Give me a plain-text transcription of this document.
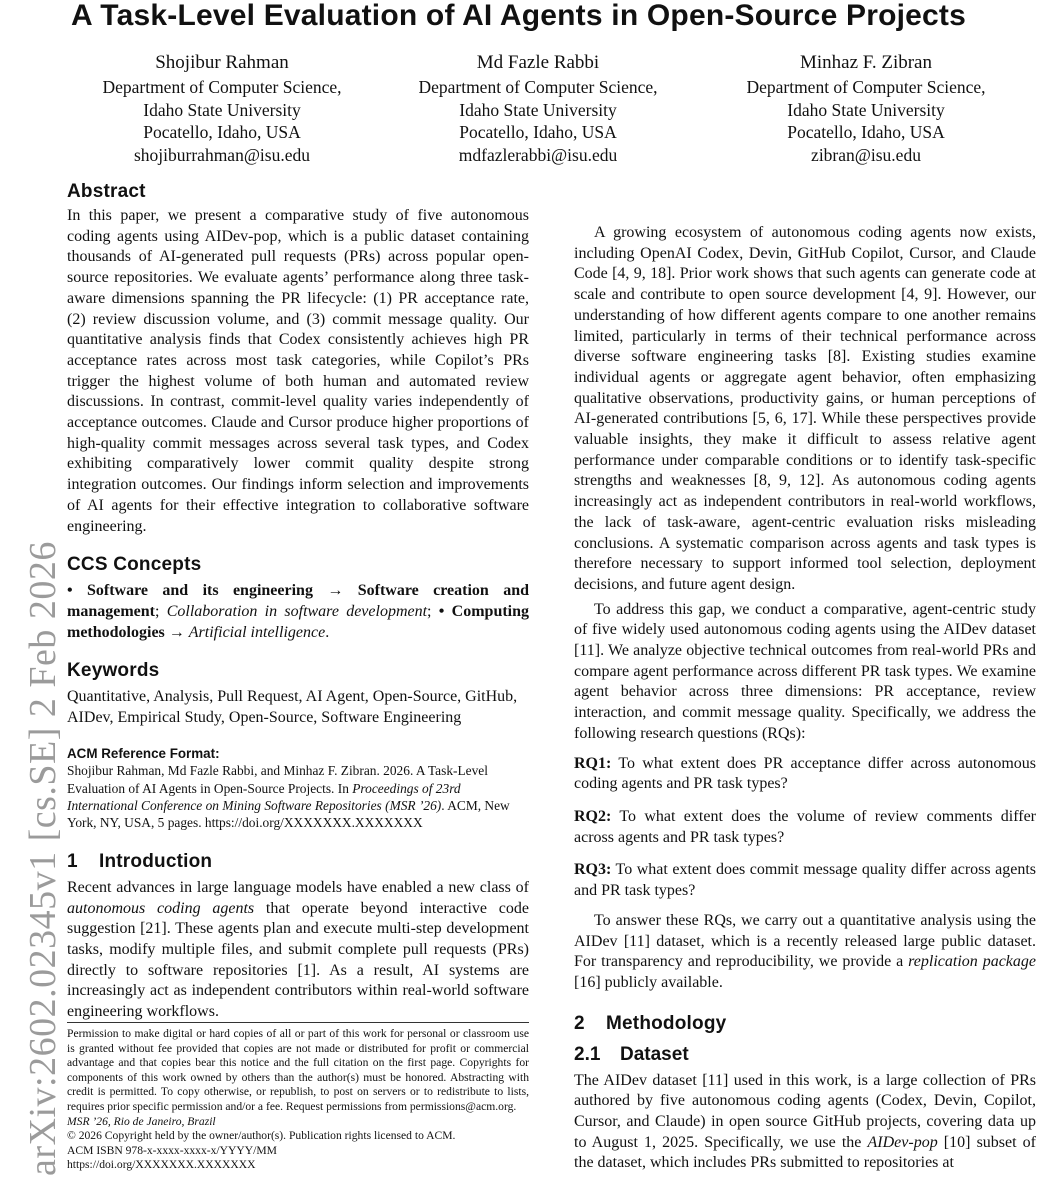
A Task-Level Evaluation of AI Agents in Open-Source Projects
Shojibur Rahman
Department of Computer Science,
Idaho State University
Pocatello, Idaho, USA
shojiburrahman@isu.edu
Md Fazle Rabbi
Department of Computer Science,
Idaho State University
Pocatello, Idaho, USA
mdfazlerabbi@isu.edu
Minhaz F. Zibran
Department of Computer Science,
Idaho State University
Pocatello, Idaho, USA
zibran@isu.edu
arXiv:2602.02345v1 [cs.SE] 2 Feb 2026
Abstract

In this paper, we present a comparative study of five autonomous coding agents using AIDev-pop, which is a public dataset containing thousands of AI-generated pull requests (PRs) across popular open-source repositories. We evaluate agents’ performance along three task-aware dimensions spanning the PR lifecycle: (1) PR acceptance rate, (2) review discussion volume, and (3) commit message quality. Our quantitative analysis finds that Codex consistently achieves high PR acceptance rates across most task categories, while Copilot’s PRs trigger the highest volume of both human and automated review discussions. In contrast, commit-level quality varies independently of acceptance outcomes. Claude and Cursor produce higher proportions of high-quality commit messages across several task types, and Codex exhibiting comparatively lower commit quality despite strong integration outcomes. Our findings inform selection and improvements of AI agents for their effective integration to collaborative software engineering.

CCS Concepts

• Software and its engineering → Software creation and management; Collaboration in software development; • Computing methodologies → Artificial intelligence.

Keywords

Quantitative, Analysis, Pull Request, AI Agent, Open-Source, GitHub, AIDev, Empirical Study, Open-Source, Software Engineering

ACM Reference Format:

Shojibur Rahman, Md Fazle Rabbi, and Minhaz F. Zibran. 2026. A Task-Level Evaluation of AI Agents in Open-Source Projects. In Proceedings of 23rd International Conference on Mining Software Repositories (MSR ’26). ACM, New York, NY, USA, 5 pages. https://doi.org/XXXXXXX.XXXXXXX

1 Introduction

Recent advances in large language models have enabled a new class of autonomous coding agents that operate beyond interactive code suggestion [21]. These agents plan and execute multi-step development tasks, modify multiple files, and submit complete pull requests (PRs) directly to software repositories [1]. As a result, AI systems are increasingly act as independent contributors within real-world software engineering workflows.

Permission to make digital or hard copies of all or part of this work for personal or classroom use is granted without fee provided that copies are not made or distributed for profit or commercial advantage and that copies bear this notice and the full citation on the first page. Copyrights for components of this work owned by others than the author(s) must be honored. Abstracting with credit is permitted. To copy otherwise, or republish, to post on servers or to redistribute to lists, requires prior specific permission and/or a fee. Request permissions from permissions@acm.org.
MSR ’26, Rio de Janeiro, Brazil
© 2026 Copyright held by the owner/author(s). Publication rights licensed to ACM.
ACM ISBN 978-x-xxxx-xxxx-x/YYYY/MM
https://doi.org/XXXXXXX.XXXXXXX

A growing ecosystem of autonomous coding agents now exists, including OpenAI Codex, Devin, GitHub Copilot, Cursor, and Claude Code [4, 9, 18]. Prior work shows that such agents can generate code at scale and contribute to open source development [4, 9]. However, our understanding of how different agents compare to one another remains limited, particularly in terms of their technical performance across diverse software engineering tasks [8]. Existing studies examine individual agents or aggregate agent behavior, often emphasizing qualitative observations, productivity gains, or human perceptions of AI-generated contributions [5, 6, 17]. While these perspectives provide valuable insights, they make it difficult to assess relative agent performance under comparable conditions or to identify task-specific strengths and weaknesses [8, 9, 12]. As autonomous coding agents increasingly act as independent contributors in real-world workflows, the lack of task-aware, agent-centric evaluation risks misleading conclusions. A systematic comparison across agents and task types is therefore necessary to support informed tool selection, deployment decisions, and future agent design.

To address this gap, we conduct a comparative, agent-centric study of five widely used autonomous coding agents using the AIDev dataset [11]. We analyze objective technical outcomes from real-world PRs and compare agent performance across different PR task types. We examine agent behavior across three dimensions: PR acceptance, review interaction, and commit message quality. Specifically, we address the following research questions (RQs):

RQ1: To what extent does PR acceptance differ across autonomous coding agents and PR task types?

RQ2: To what extent does the volume of review comments differ across agents and PR task types?

RQ3: To what extent does commit message quality differ across agents and PR task types?

To answer these RQs, we carry out a quantitative analysis using the AIDev [11] dataset, which is a recently released large public dataset. For transparency and reproducibility, we provide a replication package [16] publicly available.

2 Methodology
2.1 Dataset

The AIDev dataset [11] used in this work, is a large collection of PRs authored by five autonomous coding agents (Codex, Devin, Copilot, Cursor, and Claude) in open source GitHub projects, covering data up to August 1, 2025. Specifically, we use the AIDev-pop [10] subset of the dataset, which includes PRs submitted to repositories at
